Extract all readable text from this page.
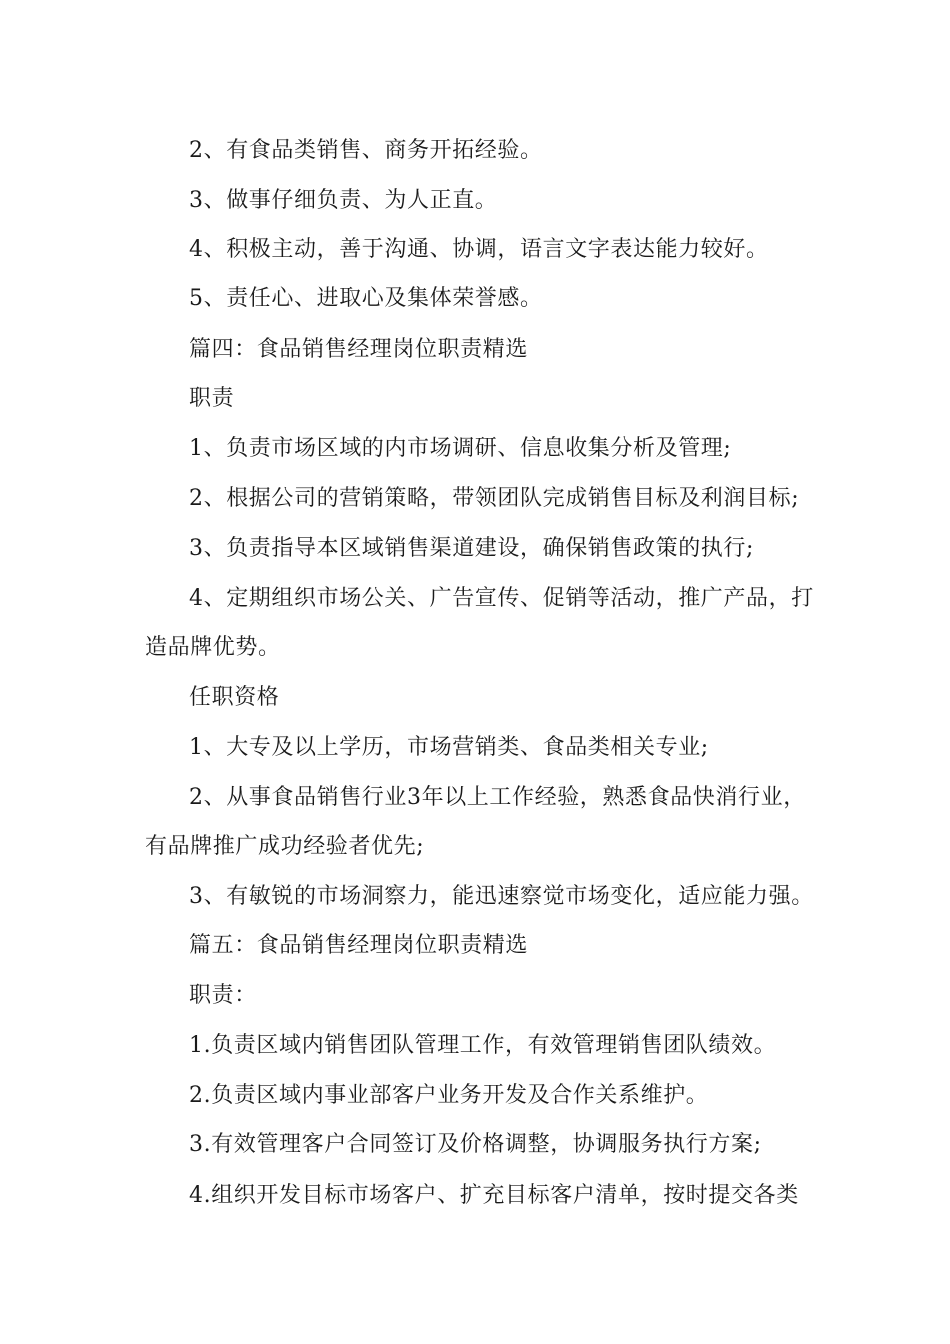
2、有食品类销售、商务开拓经验。
3、做事仔细负责、为人正直。
4、积极主动，善于沟通、协调，语言文字表达能力较好。
5、责任心、进取心及集体荣誉感。
篇四：食品销售经理岗位职责精选
职责
1、负责市场区域的内市场调研、信息收集分析及管理;
2、根据公司的营销策略，带领团队完成销售目标及利润目标;
3、负责指导本区域销售渠道建设，确保销售政策的执行;
4、定期组织市场公关、广告宣传、促销等活动，推广产品，打
造品牌优势。
任职资格
1、大专及以上学历，市场营销类、食品类相关专业;
2、从事食品销售行业3年以上工作经验，熟悉食品快消行业，
有品牌推广成功经验者优先;
3、有敏锐的市场洞察力，能迅速察觉市场变化，适应能力强。
篇五：食品销售经理岗位职责精选
职责：
1.负责区域内销售团队管理工作，有效管理销售团队绩效。
2.负责区域内事业部客户业务开发及合作关系维护。
3.有效管理客户合同签订及价格调整，协调服务执行方案;
4.组织开发目标市场客户、扩充目标客户清单，按时提交各类
